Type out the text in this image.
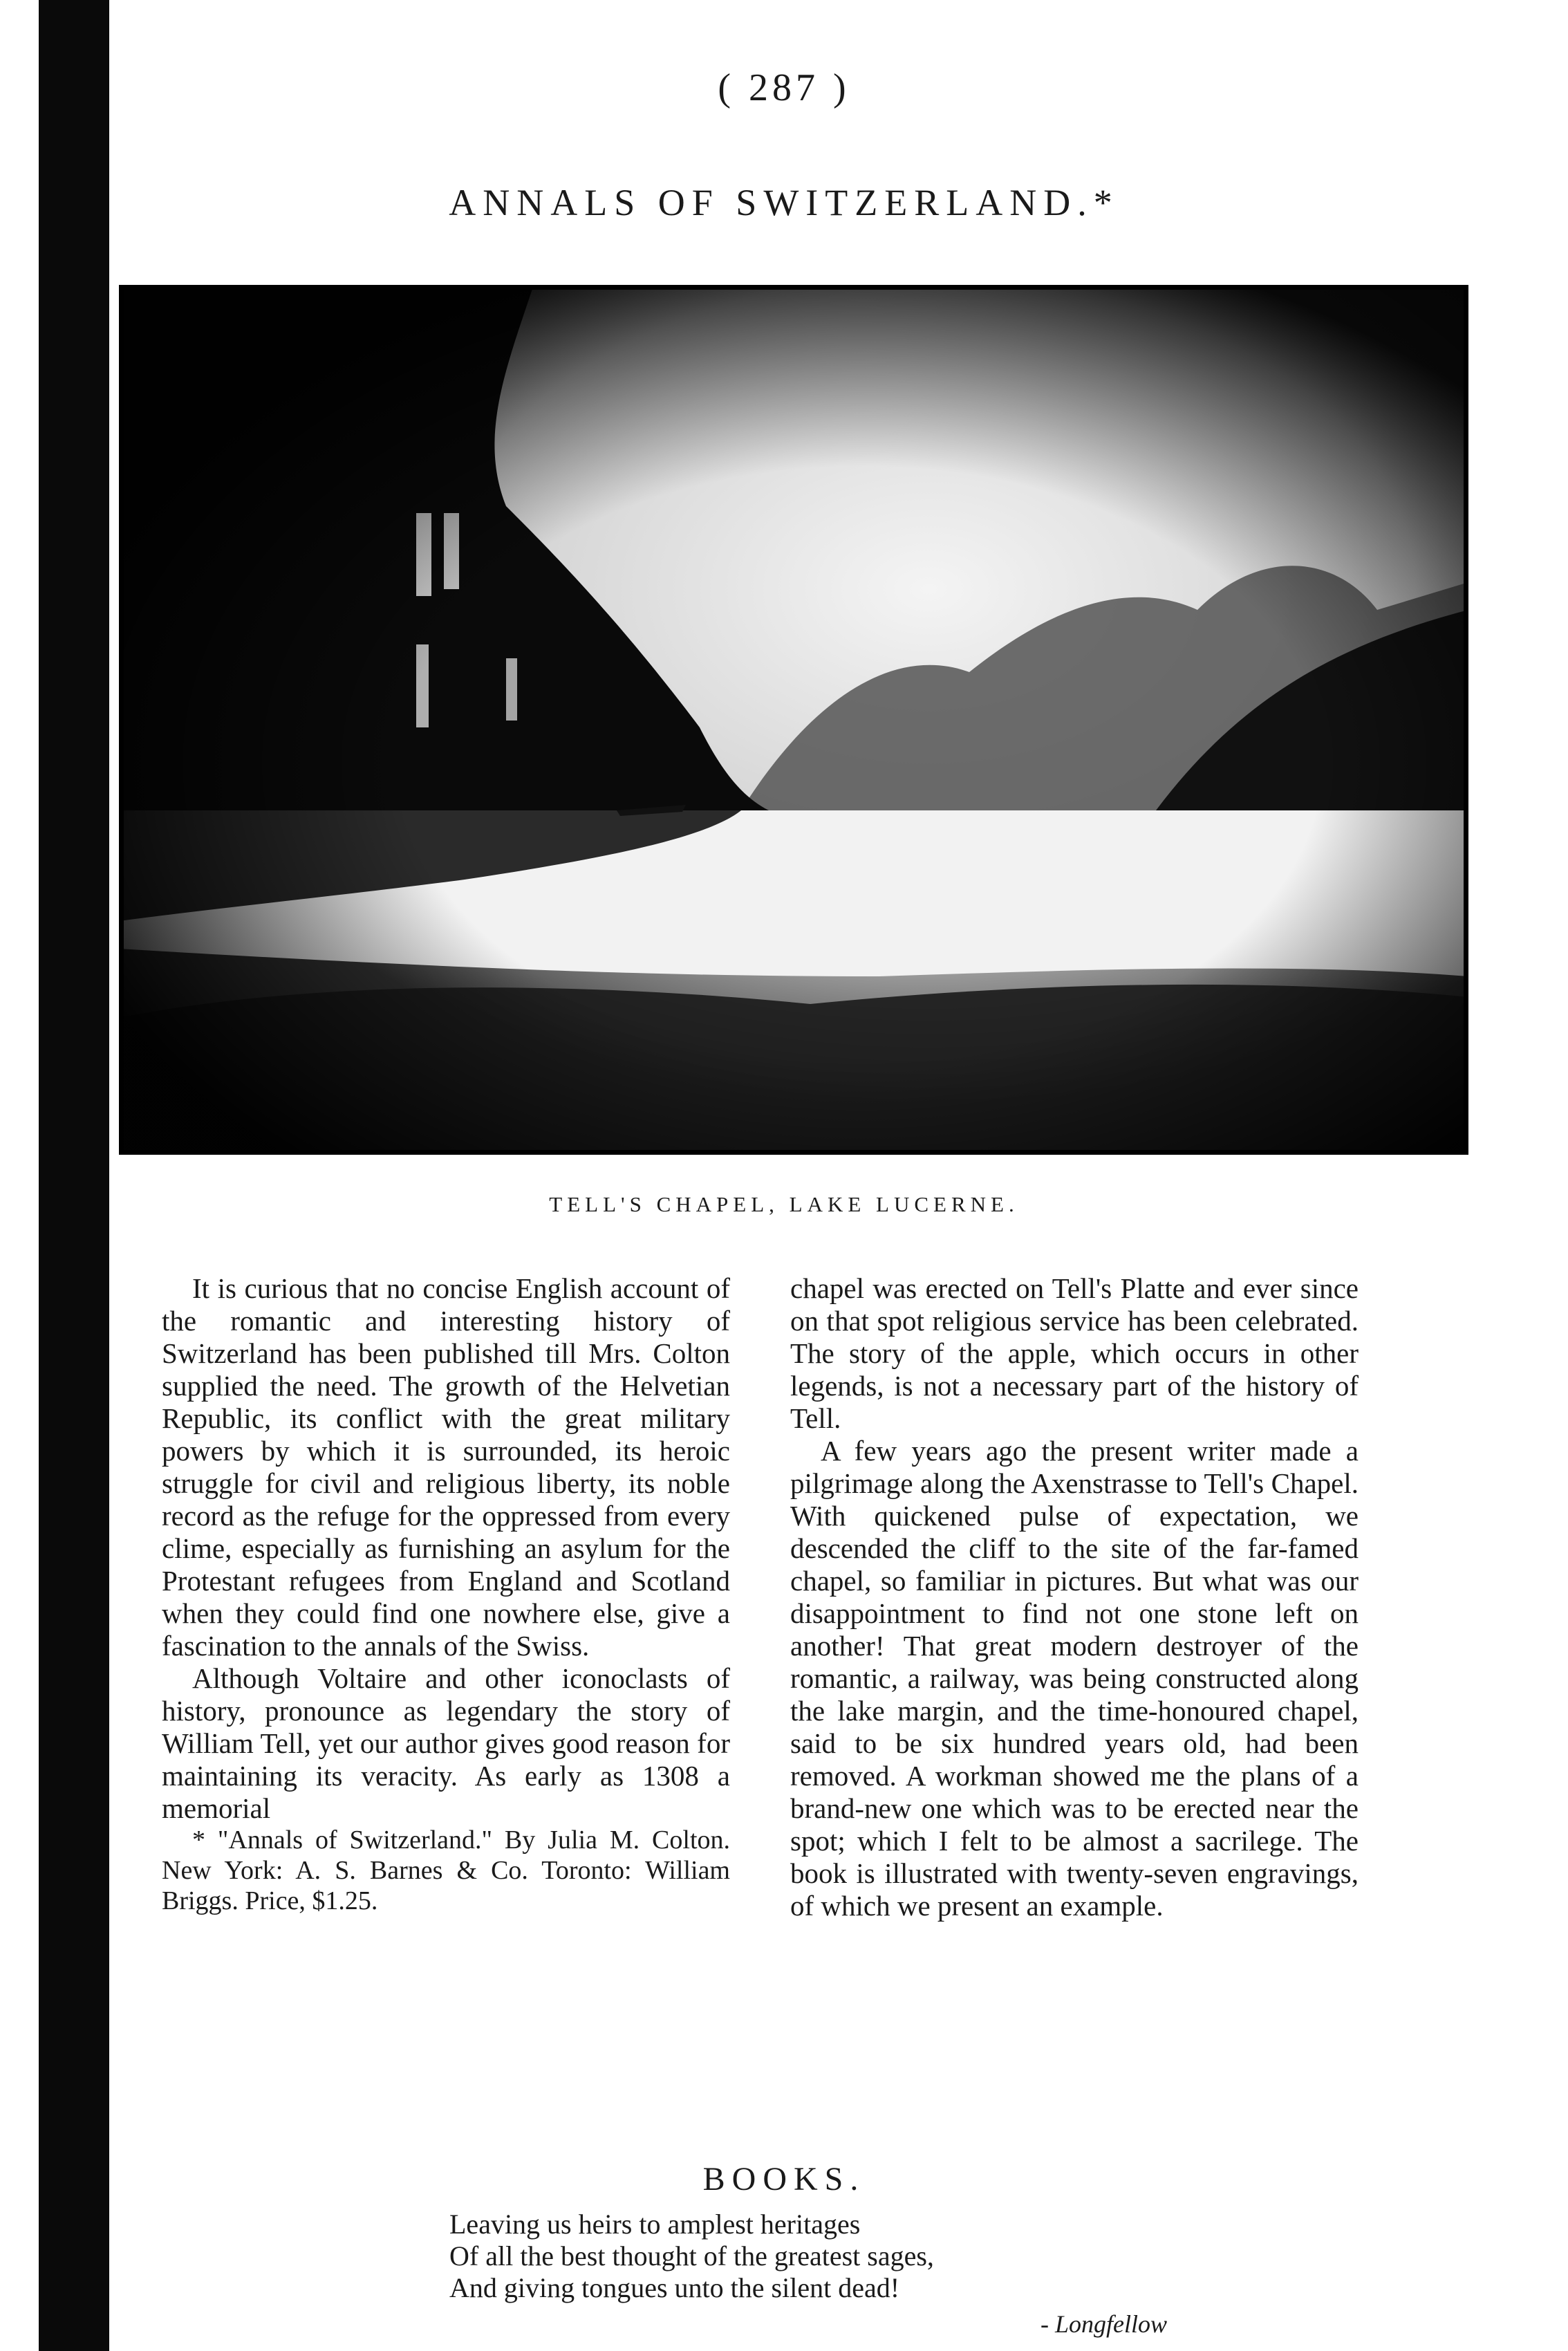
( 287 )
ANNALS OF SWITZERLAND.*
TELL'S CHAPEL, LAKE LUCERNE.

It is curious that no concise English account of the romantic and interesting history of Switzerland has been published till Mrs. Colton supplied the need. The growth of the Helvetian Republic, its conflict with the great military powers by which it is surrounded, its heroic struggle for civil and religious liberty, its noble record as the refuge for the oppressed from every clime, especially as furnishing an asylum for the Protestant refugees from England and Scotland when they could find one nowhere else, give a fascination to the annals of the Swiss.

Although Voltaire and other iconoclasts of history, pronounce as legendary the story of William Tell, yet our author gives good reason for maintaining its veracity. As early as 1308 a memorial

* "Annals of Switzerland." By Julia M. Colton. New York: A. S. Barnes & Co. Toronto: William Briggs. Price, $1.25.

chapel was erected on Tell's Platte and ever since on that spot religious service has been celebrated. The story of the apple, which occurs in other legends, is not a necessary part of the history of Tell.

A few years ago the present writer made a pilgrimage along the Axenstrasse to Tell's Chapel. With quickened pulse of expectation, we descended the cliff to the site of the far-famed chapel, so familiar in pictures. But what was our disappointment to find not one stone left on another! That great modern destroyer of the romantic, a railway, was being constructed along the lake margin, and the time-honoured chapel, said to be six hundred years old, had been removed. A workman showed me the plans of a brand-new one which was to be erected near the spot; which I felt to be almost a sacrilege. The book is illustrated with twenty-seven engravings, of which we present an example.

BOOKS.
Leaving us heirs to amplest heritages
Of all the best thought of the greatest sages,
And giving tongues unto the silent dead!
- Longfellow
